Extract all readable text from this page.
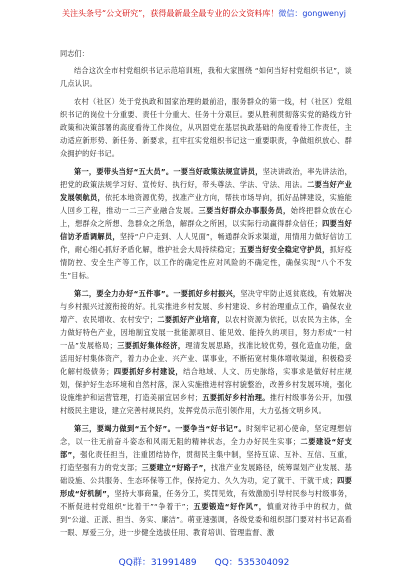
关注头条号“公文研究”，获得最新最全最专业的公文资料库！微信：gongwenyj

同志们：

结合这次全市村党组织书记示范培训班，我和大家围绕 “如何当好村党组织书记”，谈几点认识。

农村（社区）处于党执政和国家治理的最前沿，服务群众的第一线，村（社区）党组织书记的岗位十分重要、责任十分重大、任务十分艰巨。要从胜利贯彻落实党的路线方针政策和决策部署的高度看待工作岗位，从巩固党在基层执政基础的角度看待工作责任，主动适应新形势、新任务、新要求，扛牢扛实党组织书记这一重要职责，争做组织放心、群众拥护的好书记。

第一，要带头当好“五大员”。一要当好政策法规宣讲员，坚决讲政治，率先讲法治，把党的政策法规学习好、宣传好、执行好，带头尊法、学法、守法、用法。二要当好产业发展领航员，依托本地资源优势，找准产业方向，帮扶市场导向，抓好品牌建设，实施能人回乡工程，推动一二三产业融合发展。三要当好群众办事服务员，始终把群众放在心上，想群众之所想、急群众之所急，解群众之所困，以实际行动赢得群众信任；四要当好信访矛盾调解员，坚持“户户走到、人人见面”，畅通群众诉求渠道，用情用力做好信访工作，耐心细心抓好矛盾化解，维护社会大局持续稳定；五要当好安全稳定守护员，抓好疫情防控、安全生产等工作，以工作的确定性应对风险的不确定性，确保实现“八个不发生”目标。

第二，要全力办好“五件事”。一要抓好乡村振兴，坚决守牢防止返贫底线，有效解决与乡村振兴过渡衔接的好。扎实推进乡村发展、乡村建设、乡村治理重点工作，确保农业增产、农民增收、农村安宁；二要抓好产业培育，以农村资源为依托，以农民为主体，全力做好特色产业，因地制宜发展一批能源项目、能见效、能持久的项目，努力形成“一村一品”发展格局；三要抓好集体经济，理清发展思路，找准比较优势，强化造血功能，盘活用好村集体资产，着力办企业、兴产业、谋事业，不断拓宽村集体增收渠道，积极稳妥化解村级债务；四要抓好乡村建设，结合地域、人文、历史脉络，实事求是做好村庄规划，保护好生态环境和自然村落，深入实施推进村容村貌整治，改善乡村发展环境，强化设施维护和运营管理，打造美丽宜居乡村；五要抓好乡村治理。推行村级事务公开，加强村级民主建设，建立完善村规民约，发挥党员示范引领作用，大力弘扬文明乡风。

第三，要竭力做到“五个好”。一要争当“好书记”。时刻牢记初心使命，坚定理想信念，以一往无前奋斗姿态和风雨无阻的精神状态，全力办好民生实事；二要建设“好支部”，强化责任担当，注重团结协作，贯彻民主集中制，坚持互谅、互补、互信、互重，打造坚强有力的党支部；三要建立“好路子”，找准产业发展路径，统筹谋划产业发展、基础设施、公共服务、生态环保等工作，保持定力、久久为功，定了就干、干就干成；四要形成“好机制”，坚持大事商量，任务分工，奖罚见效，有效激励引导村民参与村级事务，不断促进村党组织“比着干”“争着干”；五要锻造“好作风”，慎重对待手中的权力，做到“公道、正派、担当、务实、廉洁”。萌亚速强调，各级党委和组织部门要对村书记高看一眼、厚爱三分，进一步健全选拔任用、教育培训、管理监督、激

QQ群：31991489 QQ：535304092
